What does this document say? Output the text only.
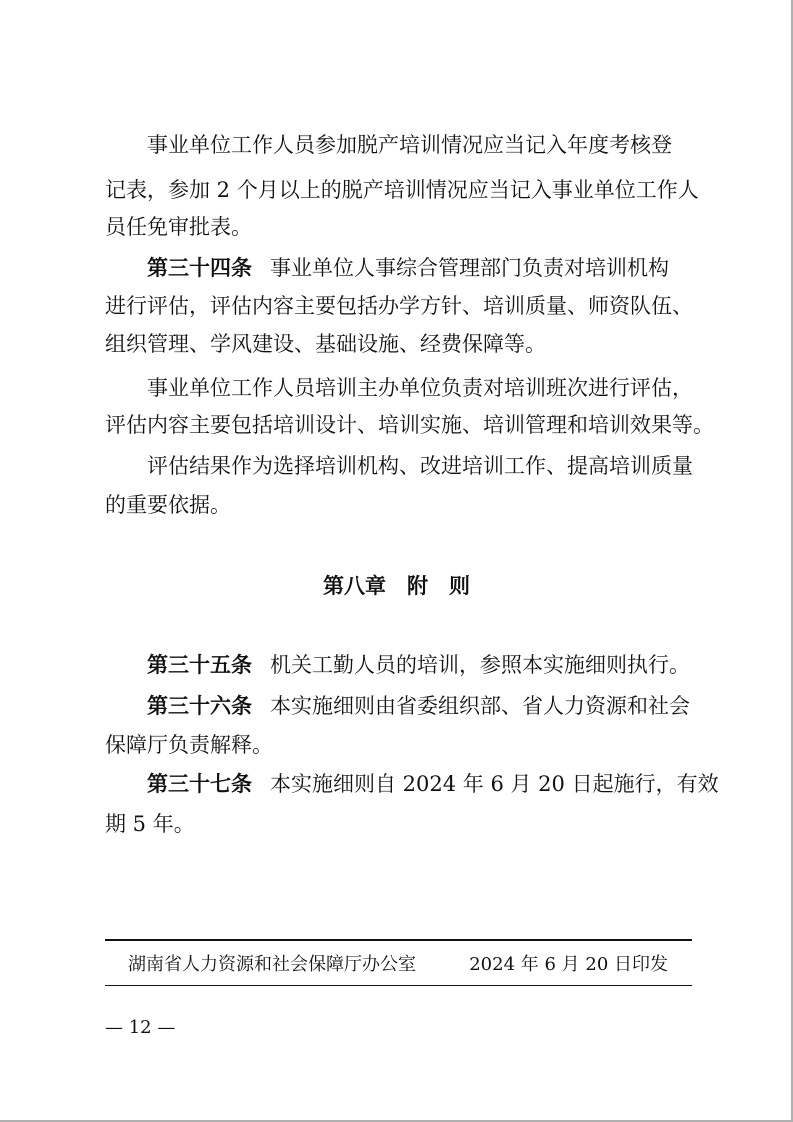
事业单位工作人员参加脱产培训情况应当记入年度考核登
记表，参加 2 个月以上的脱产培训情况应当记入事业单位工作人
员任免审批表。
第三十四条 事业单位人事综合管理部门负责对培训机构
进行评估，评估内容主要包括办学方针、培训质量、师资队伍、
组织管理、学风建设、基础设施、经费保障等。
事业单位工作人员培训主办单位负责对培训班次进行评估，
评估内容主要包括培训设计、培训实施、培训管理和培训效果等。
评估结果作为选择培训机构、改进培训工作、提高培训质量
的重要依据。
第八章　附　则
第三十五条 机关工勤人员的培训，参照本实施细则执行。
第三十六条 本实施细则由省委组织部、省人力资源和社会
保障厅负责解释。
第三十七条 本实施细则自 2024 年 6 月 20 日起施行，有效
期 5 年。
湖南省人力资源和社会保障厅办公室	2024 年 6 月 20 日印发
— 12 —
